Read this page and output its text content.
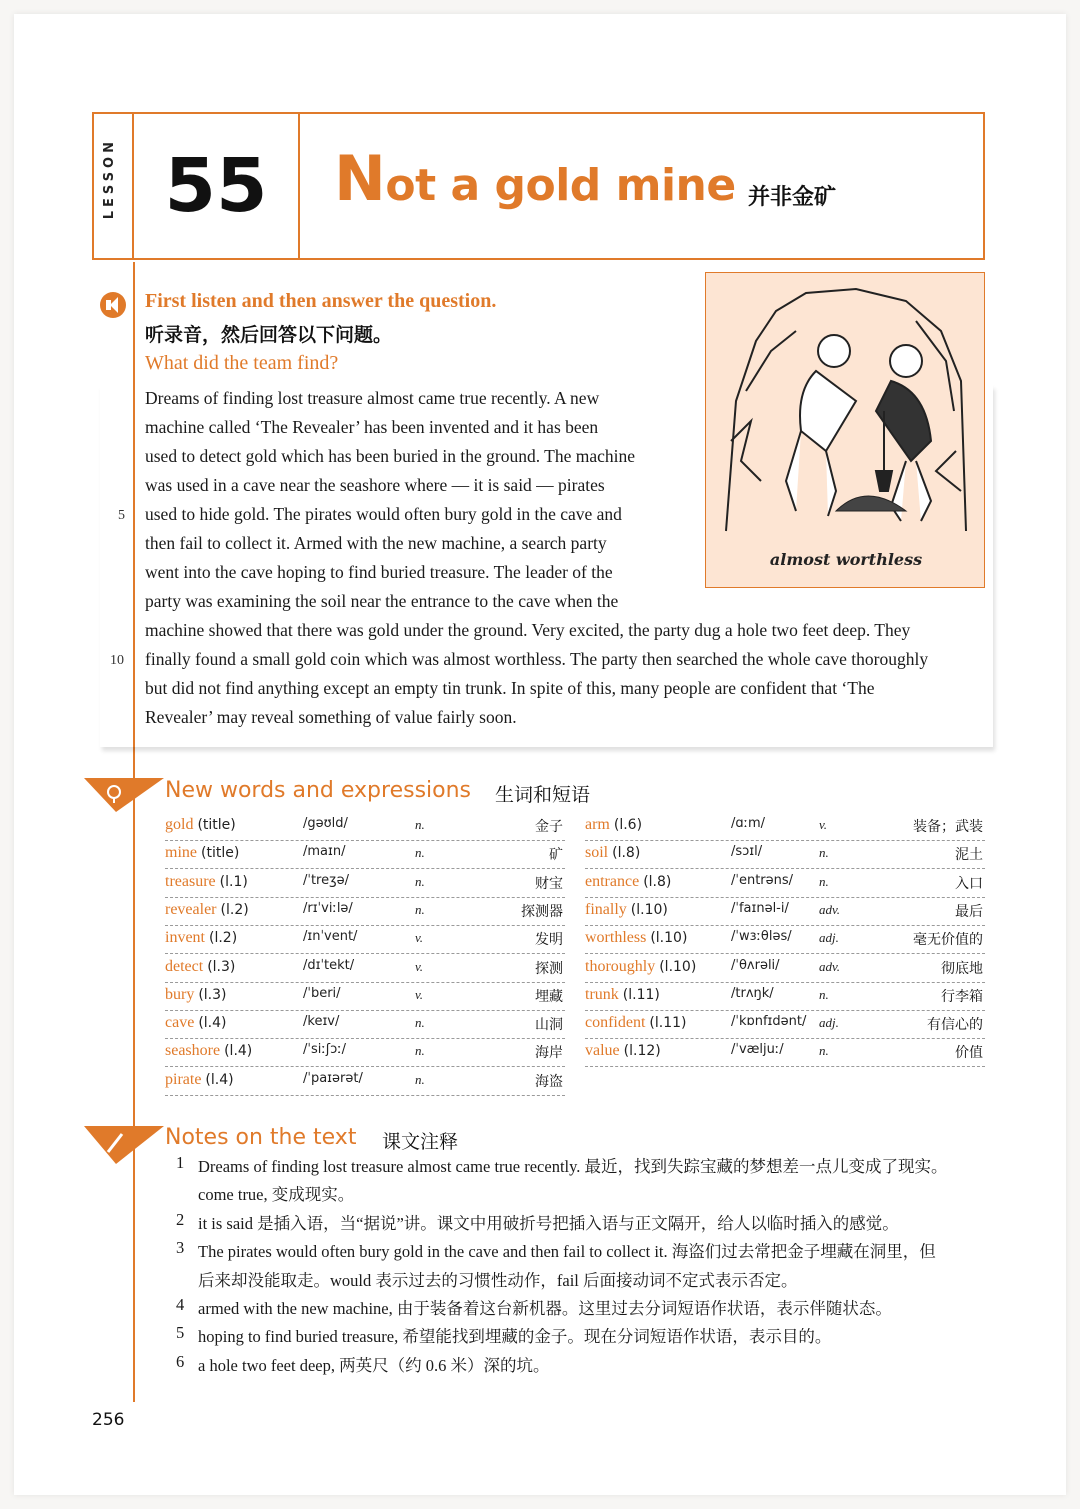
LESSON 55	Not a gold mine 并非金矿
First listen and then answer the question.
听录音，然后回答以下问题。
What did the team find?
Dreams of finding lost treasure almost came true recently. A new
machine called ‘The Revealer’ has been invented and it has been
used to detect gold which has been buried in the ground. The machine
was used in a cave near the seashore where — it is said — pirates
used to hide gold. The pirates would often bury gold in the cave and
then fail to collect it. Armed with the new machine, a search party
went into the cave hoping to find buried treasure. The leader of the
party was examining the soil near the entrance to the cave when the
machine showed that there was gold under the ground. Very excited, the party dug a hole two feet deep. They
finally found a small gold coin which was almost worthless. The party then searched the whole cave thoroughly
but did not find anything except an empty tin trunk. In spite of this, many people are confident that ‘The
Revealer’ may reveal something of value fairly soon.
5
10
almost worthless
New words and expressions 生词和短语
gold (title)	/gəʊld/	n.	金子
mine (title)	/maɪn/	n.	矿
treasure (l.1)	/ˈtreʒə/	n.	财宝
revealer (l.2)	/rɪˈviːlə/	n.	探测器
invent (l.2)	/ɪnˈvent/	v.	发明
detect (l.3)	/dɪˈtekt/	v.	探测
bury (l.3)	/ˈberi/	v.	埋藏
cave (l.4)	/keɪv/	n.	山洞
seashore (l.4)	/ˈsiːʃɔː/	n.	海岸
pirate (l.4)	/ˈpaɪərət/	n.	海盗
arm (l.6)	/ɑːm/	v.	装备；武装
soil (l.8)	/sɔɪl/	n.	泥土
entrance (l.8)	/ˈentrəns/ n.	入口
finally (l.10)	/ˈfaɪnəl-i/ adv.	最后
worthless (l.10)	/ˈwɜːθləs/ adj.	毫无价值的
thoroughly (l.10)	/ˈθʌrəli/	adv.	彻底地
trunk (l.11)	/trʌŋk/	n.	行李箱
confident (l.11)	/ˈkɒnfɪdənt/ adj.	有信心的
value (l.12)	/ˈvæljuː/	n.	价值
Notes on the text 课文注释
1 Dreams of finding lost treasure almost came true recently. 最近，找到失踪宝藏的梦想差一点儿变成了现实。
come true, 变成现实。
2 it is said 是插入语，当“据说”讲。课文中用破折号把插入语与正文隔开，给人以临时插入的感觉。
3 The pirates would often bury gold in the cave and then fail to collect it. 海盗们过去常把金子埋藏在洞里，但
后来却没能取走。would 表示过去的习惯性动作，fail 后面接动词不定式表示否定。
4 armed with the new machine, 由于装备着这台新机器。这里过去分词短语作状语，表示伴随状态。
5 hoping to find buried treasure, 希望能找到埋藏的金子。现在分词短语作状语，表示目的。
6 a hole two feet deep, 两英尺（约 0.6 米）深的坑。
256
